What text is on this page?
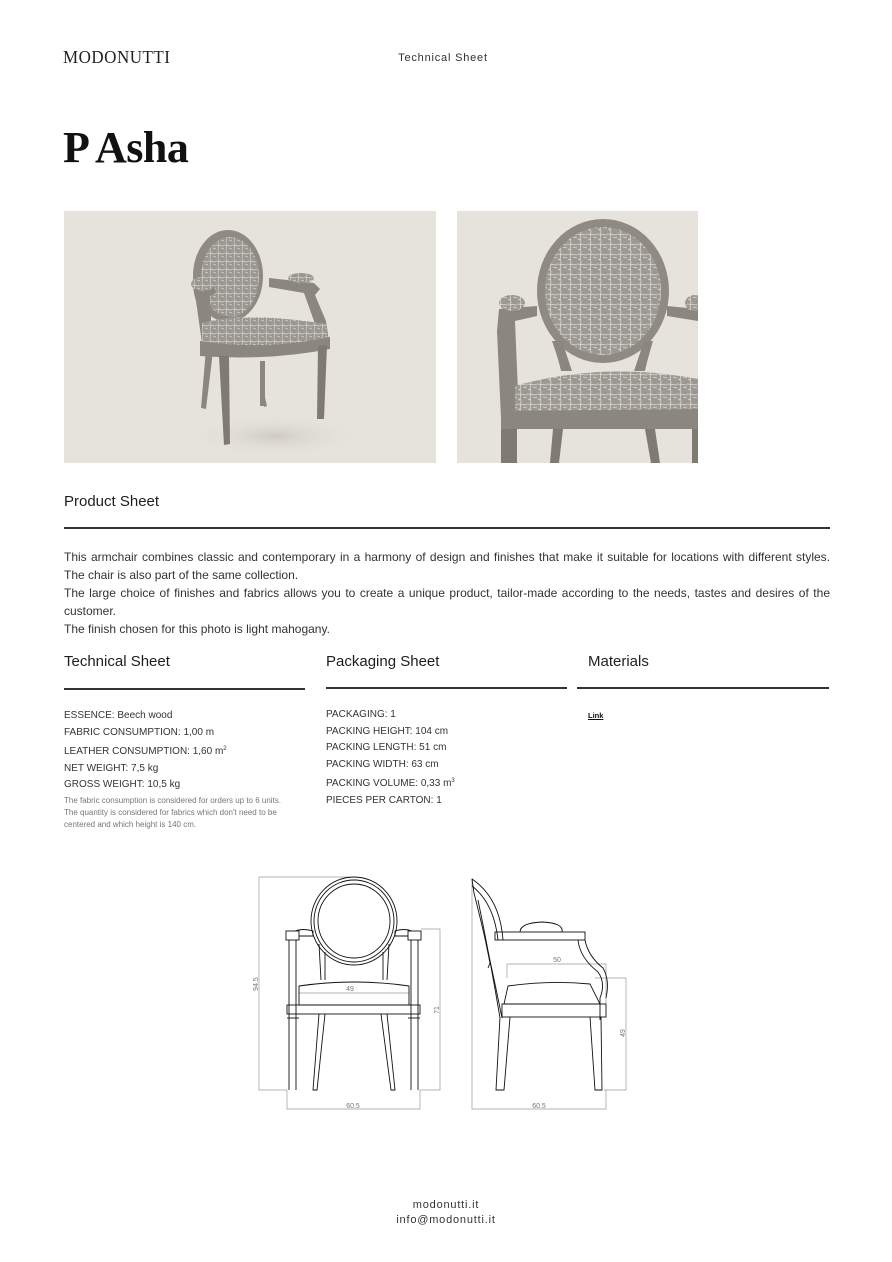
MODONUTTI	Technical Sheet
P Asha
Product Sheet

This armchair combines classic and contemporary in a harmony of design and finishes that make it suitable for locations with different styles. The chair is also part of the same collection.

The large choice of finishes and fabrics allows you to create a unique product, tailor-made according to the needs, tastes and desires of the customer.

The finish chosen for this photo is light mahogany.

Technical Sheet
ESSENCE: Beech wood
FABRIC CONSUMPTION: 1,00 m
LEATHER CONSUMPTION: 1,60 $m^2$
NET WEIGHT: 7,5 kg
GROSS WEIGHT: 10,5 kg

The fabric consumption is considered for orders up to 6 units.

The quantity is considered for fabrics which don't need to be centered and which height is 140 cm.

Packaging Sheet
PACKAGING: 1
PACKING HEIGHT: 104 cm
PACKING LENGTH: 51 cm
PACKING WIDTH: 63 cm
PACKING VOLUME: 0,33 $m^3$
PIECES PER CARTON: 1
Materials
Link
49
60.5
94.5
71
50
60.5
49
modonutti.it
info@modonutti.it
